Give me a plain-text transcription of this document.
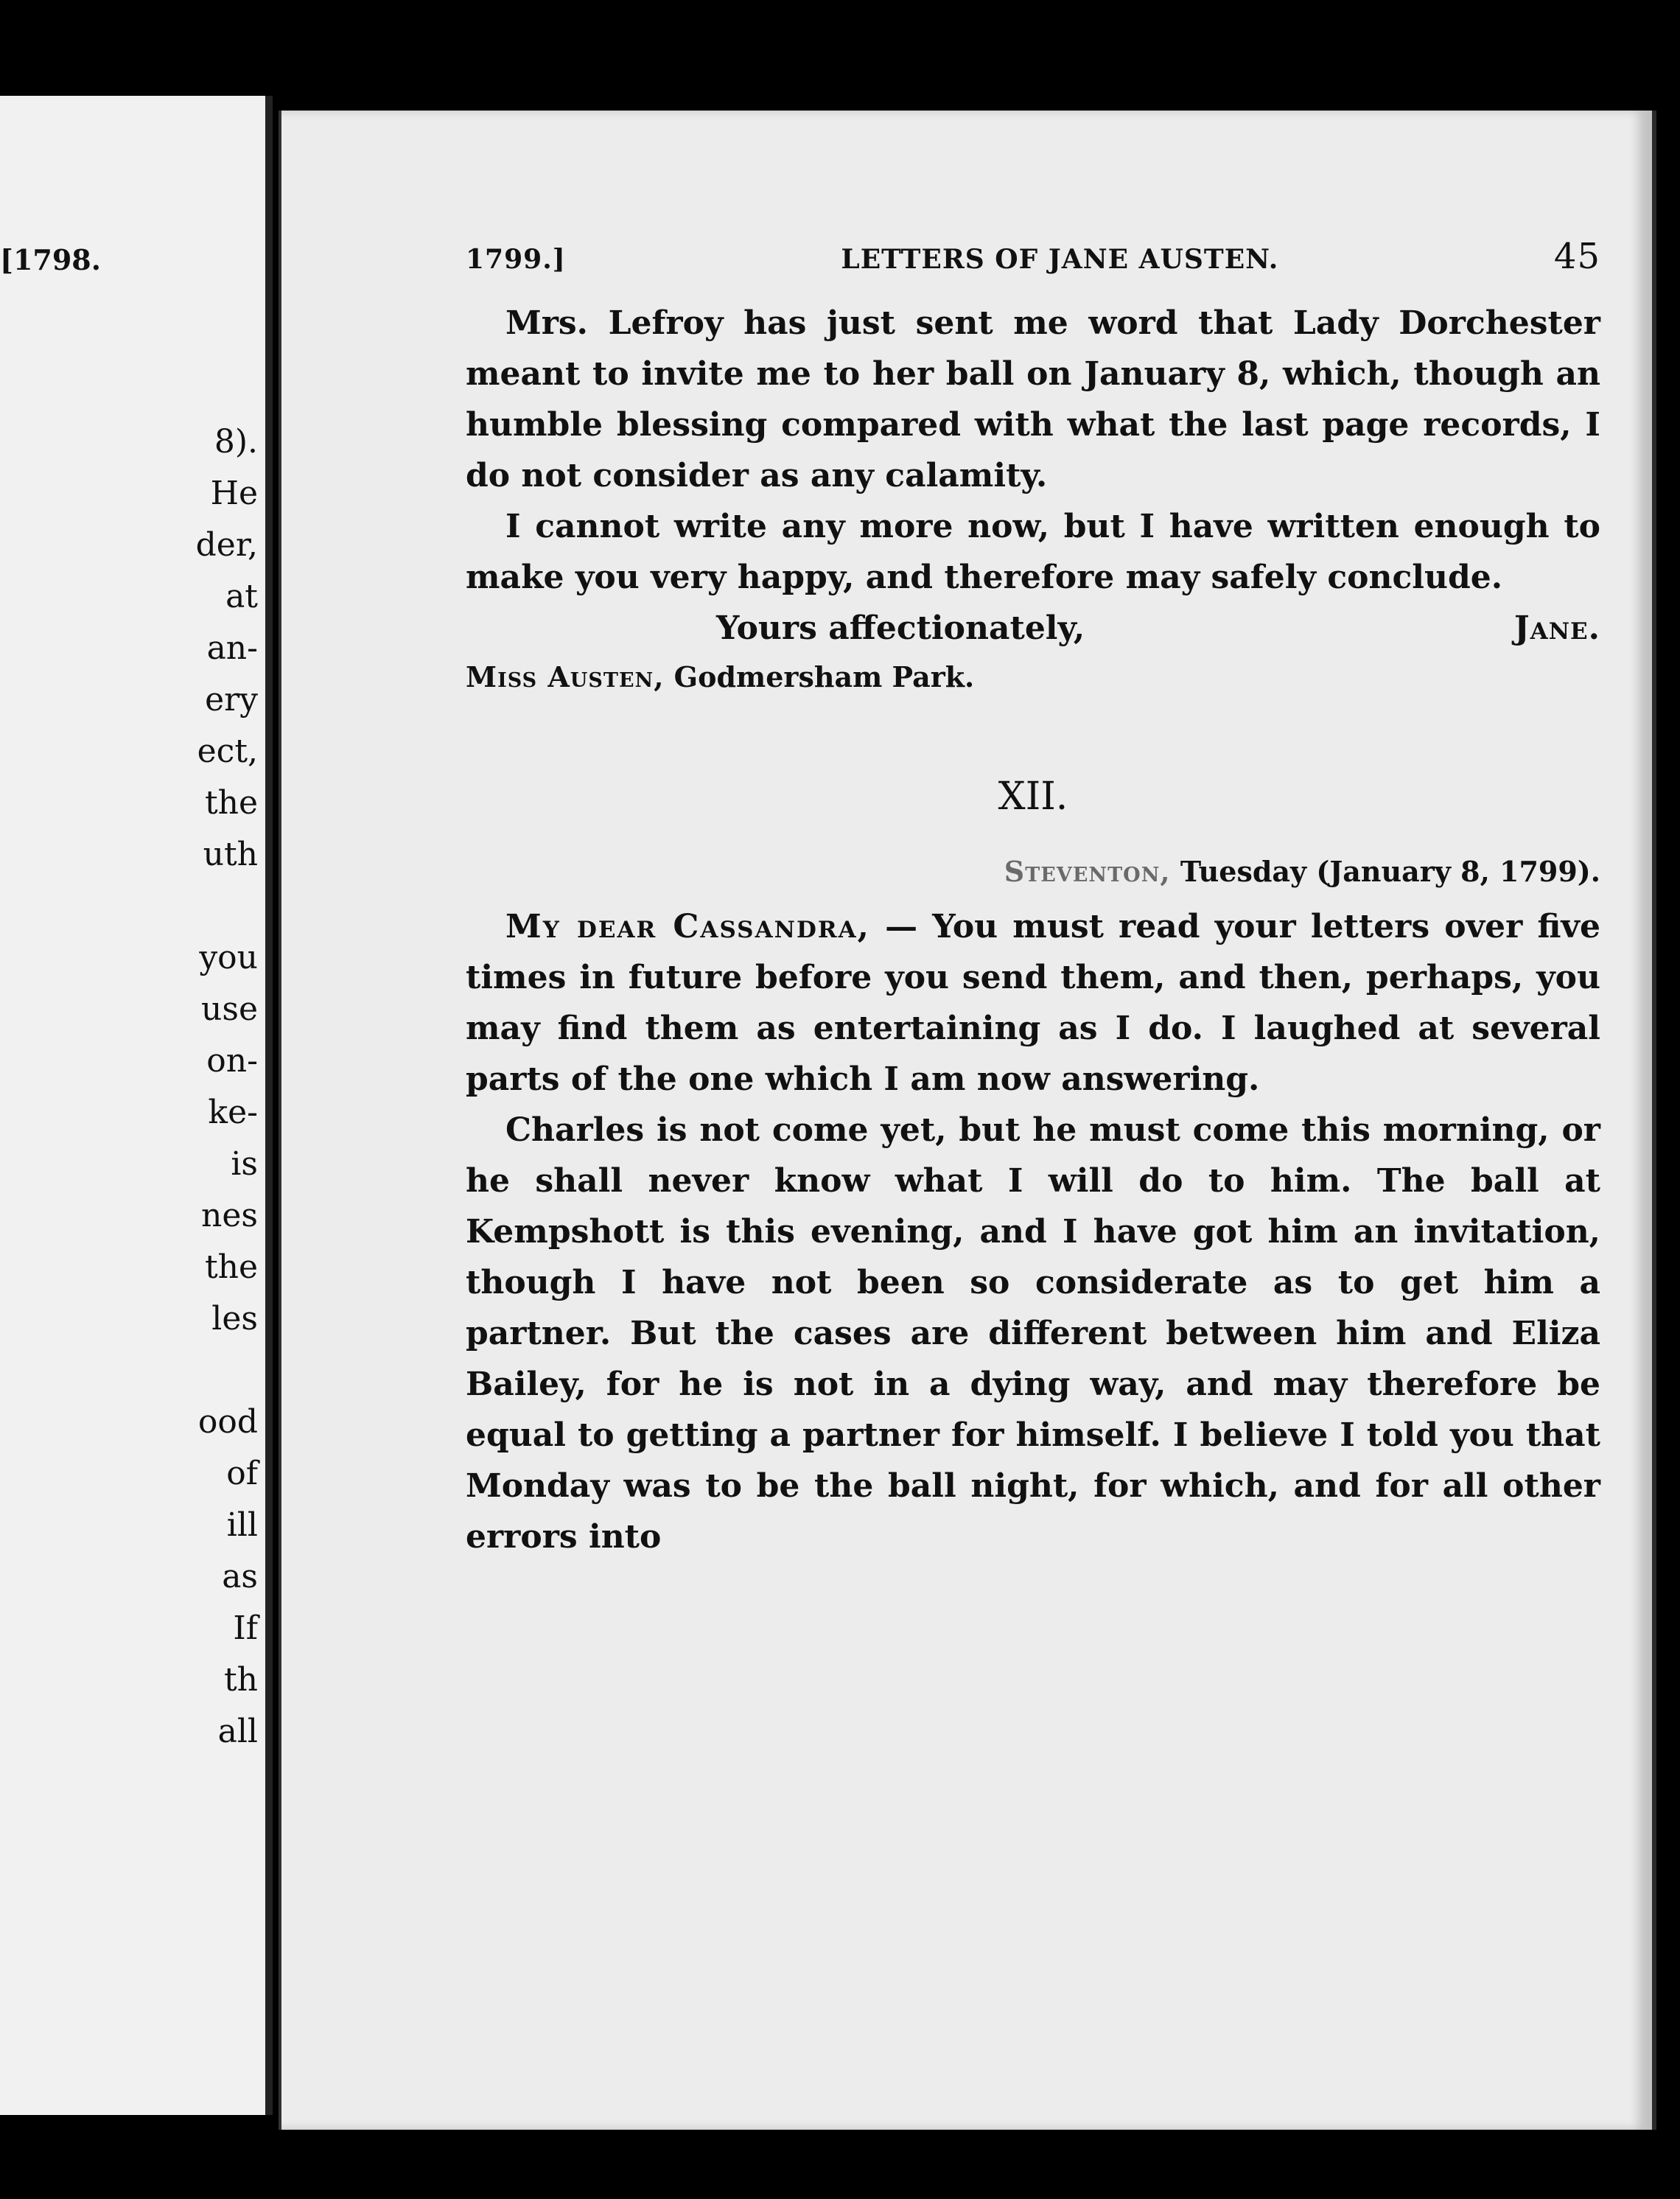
[1798.
8).
He
der,
at
an-
ery
ect,
the
uth
you
use
on-
ke-
is
nes
the
les
ood
of
ill
as
If
th
all
1799.]	LETTERS OF JANE AUSTEN.	45

Mrs. Lefroy has just sent me word that Lady Dorchester meant to invite me to her ball on January 8, which, though an humble blessing compared with what the last page records, I do not consider as any calamity.

I cannot write any more now, but I have written enough to make you very happy, and therefore may safely conclude.

Yours affectionately,	Jane.
Miss Austen, Godmersham Park.
XII.
Steventon, Tuesday (January 8, 1799).

My dear Cassandra, — You must read your letters over five times in future before you send them, and then, perhaps, you may find them as entertaining as I do. I laughed at several parts of the one which I am now answering.

Charles is not come yet, but he must come this morning, or he shall never know what I will do to him. The ball at Kempshott is this evening, and I have got him an invitation, though I have not been so considerate as to get him a partner. But the cases are different between him and Eliza Bailey, for he is not in a dying way, and may therefore be equal to getting a partner for himself. I believe I told you that Monday was to be the ball night, for which, and for all other errors into
